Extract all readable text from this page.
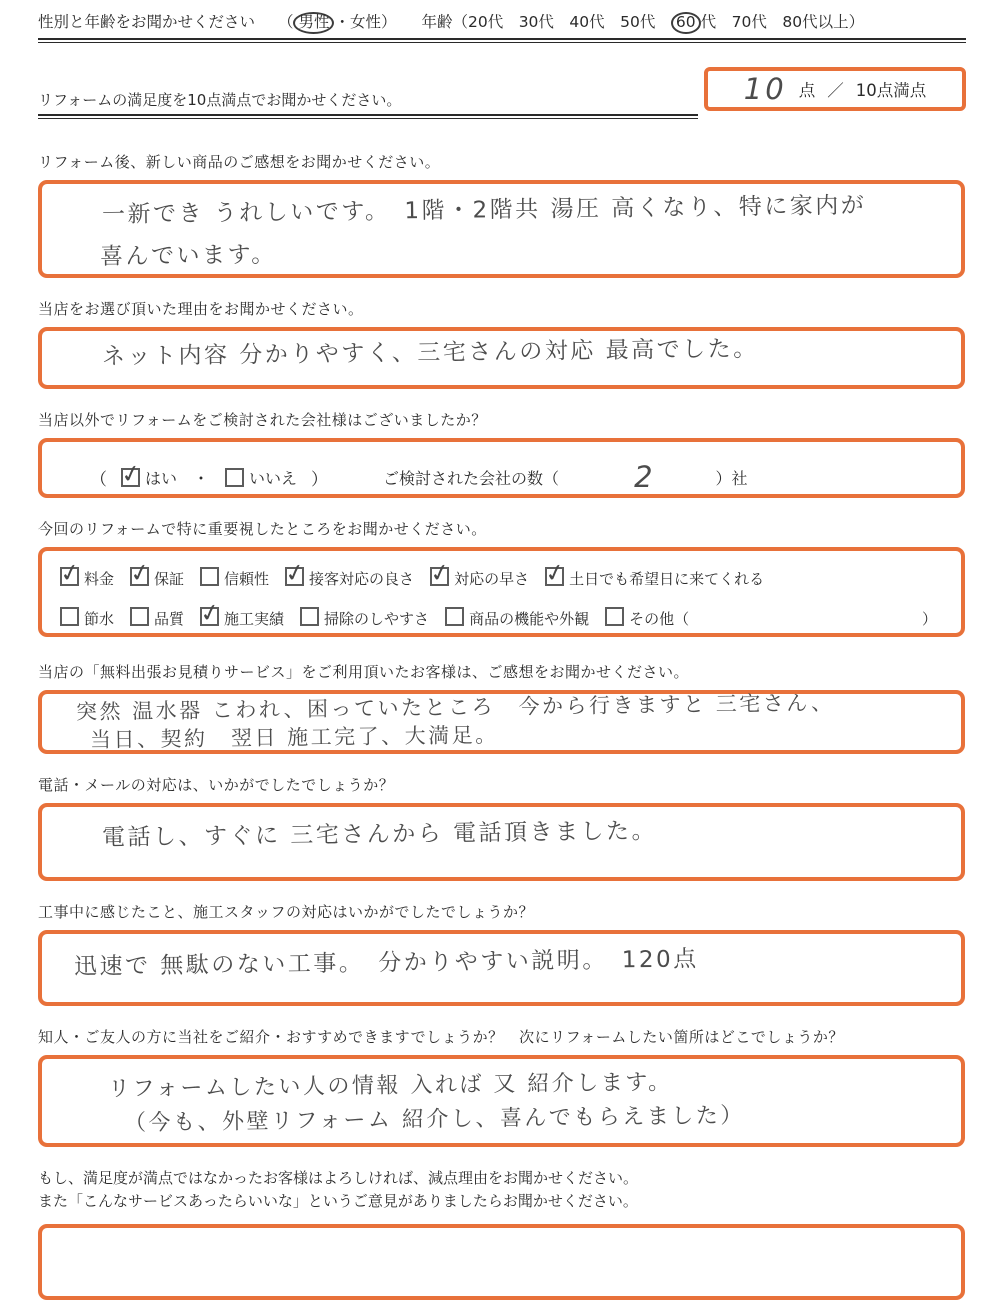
性別と年齢をお聞かせください （ 男性 ・女性） 年齢（20代　30代　40代　50代　60 代　70代　80代以上）
リフォームの満足度を10点満点でお聞かせください。	10 点 ／ 10点満点
リフォーム後、新しい商品のご感想をお聞かせください。
一新でき うれしいです。　1階・2階共 湯圧 高くなり、特に家内が
喜んでいます。
当店をお選び頂いた理由をお聞かせください。
ネット内容 分かりやすく、三宅さんの対応 最高でした。
当店以外でリフォームをご検討された会社様はございましたか？
（ ✓ はい ・	いいえ ）	ご検討された会社の数（	2	）社
今回のリフォームで特に重要視したところをお聞かせください。
✓料金 ✓	保証	信頼性 ✓	接客対応の良さ ✓	対応の早さ ✓	土日でも希望日に来てくれる
節水	品質 ✓	施工実績	掃除のしやすさ	商品の機能や外観	その他（	）
当店の「無料出張お見積りサービス」をご利用頂いたお客様は、ご感想をお聞かせください。
突然 温水器 こわれ、困っていたところ　今から行きますと 三宅さん、
当日、契約　翌日 施工完了、大満足。
電話・メールの対応は、いかがでしたでしょうか？
電話し、すぐに 三宅さんから 電話頂きました。
工事中に感じたこと、施工スタッフの対応はいかがでしたでしょうか？
迅速で 無駄のない工事。　分かりやすい説明。　120点
知人・ご友人の方に当社をご紹介・おすすめできますでしょうか？　次にリフォームしたい箇所はどこでしょうか？
リフォームしたい人の情報 入れば 又 紹介します。
（今も、外壁リフォーム 紹介し、喜んでもらえました）
もし、満足度が満点ではなかったお客様はよろしければ、減点理由をお聞かせください。
また「こんなサービスあったらいいな」というご意見がありましたらお聞かせください。
